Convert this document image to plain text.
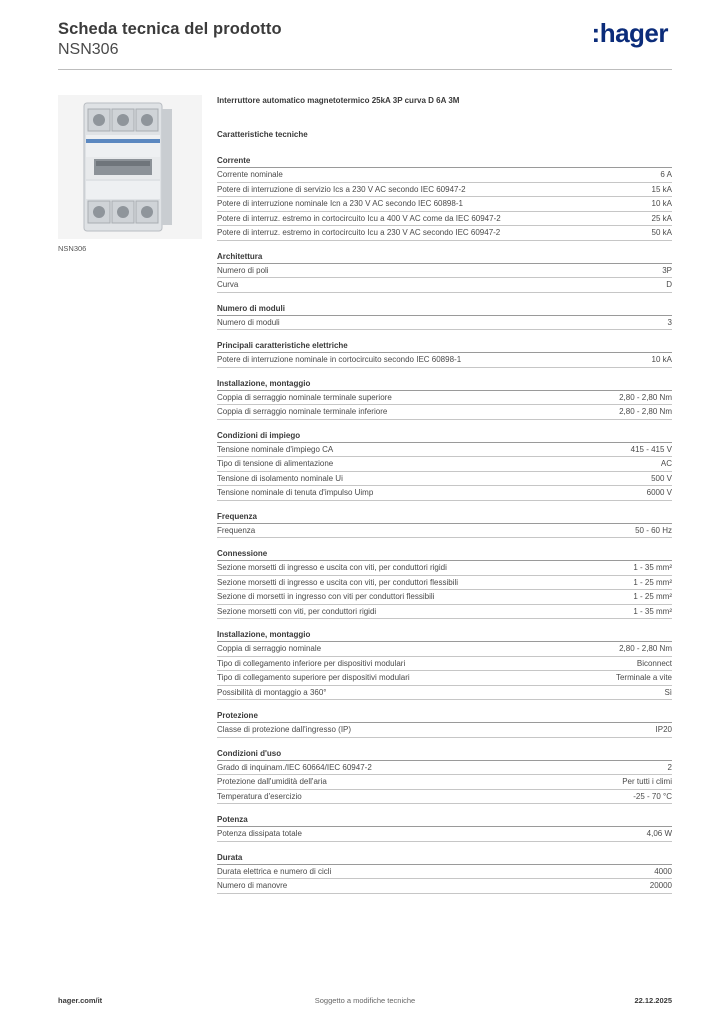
Scheda tecnica del prodotto
NSN306
:hager
NSN306
Interruttore automatico magnetotermico 25kA 3P curva D 6A 3M
Caratteristiche tecniche
Corrente
Corrente nominale	6 A
Potere di interruzione di servizio Ics a 230 V AC secondo IEC 60947-2	15 kA
Potere di interruzione nominale Icn a 230 V AC secondo IEC 60898-1	10 kA
Potere di interruz. estremo in cortocircuito Icu a 400 V AC come da IEC 60947-2	25 kA
Potere di interruz. estremo in cortocircuito Icu a 230 V AC secondo IEC 60947-2	50 kA
Architettura
Numero di poli	3P
Curva	D
Numero di moduli
Numero di moduli	3
Principali caratteristiche elettriche
Potere di interruzione nominale in cortocircuito secondo IEC 60898-1	10 kA
Installazione, montaggio
Coppia di serraggio nominale terminale superiore	2,80 - 2,80 Nm
Coppia di serraggio nominale terminale inferiore	2,80 - 2,80 Nm
Condizioni di impiego
Tensione nominale d'impiego CA	415 - 415 V
Tipo di tensione di alimentazione	AC
Tensione di isolamento nominale Ui	500 V
Tensione nominale di tenuta d'impulso Uimp	6000 V
Frequenza
Frequenza	50 - 60 Hz
Connessione
Sezione morsetti di ingresso e uscita con viti, per conduttori rigidi	1 - 35 mm²
Sezione morsetti di ingresso e uscita con viti, per conduttori flessibili	1 - 25 mm²
Sezione di morsetti in ingresso con viti per conduttori flessibili	1 - 25 mm²
Sezione morsetti con viti, per conduttori rigidi	1 - 35 mm²
Installazione, montaggio
Coppia di serraggio nominale	2,80 - 2,80 Nm
Tipo di collegamento inferiore per dispositivi modulari	Biconnect
Tipo di collegamento superiore per dispositivi modulari	Terminale a vite
Possibilità di montaggio a 360°	Sì
Protezione
Classe di protezione dall'ingresso (IP)	IP20
Condizioni d'uso
Grado di inquinam./IEC 60664/IEC 60947-2	2
Protezione dall'umidità dell'aria	Per tutti i climi
Temperatura d'esercizio	-25 - 70 °C
Potenza
Potenza dissipata totale	4,06 W
Durata
Durata elettrica e numero di cicli	4000
Numero di manovre	20000
hager.com/it	Soggetto a modifiche tecniche	22.12.2025
